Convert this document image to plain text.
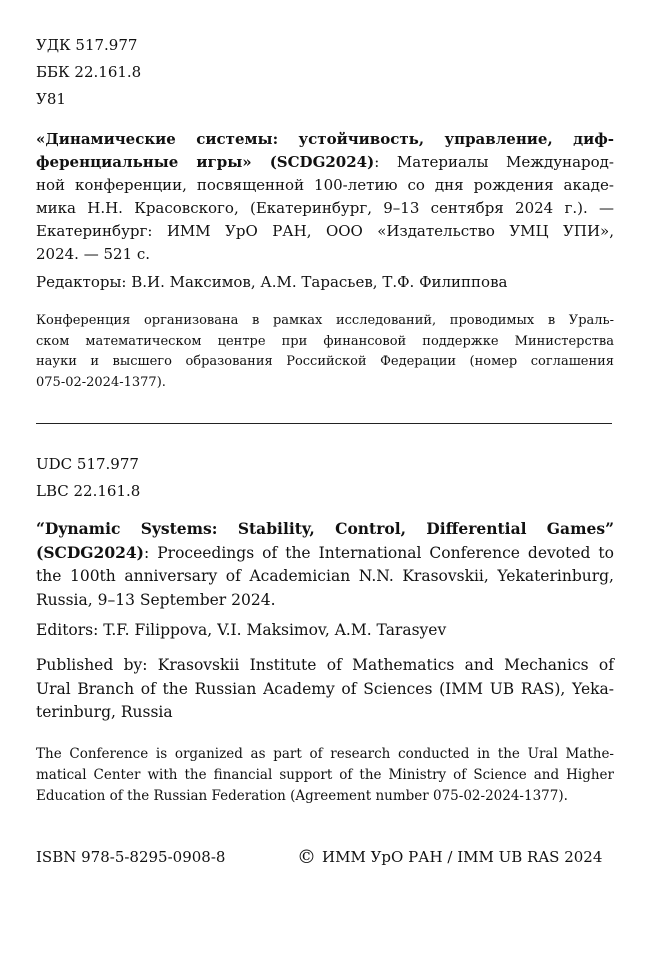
УДК 517.977
ББК 22.161.8
У81
«Динамические системы: устойчивость, управление, диф-
ференциальные игры» (SCDG2024): Материалы Международ-
ной конференции, посвященной 100-летию со дня рождения акаде-
мика Н.Н. Красовского, (Екатеринбург, 9–13 сентября 2024 г.). —
Екатеринбург: ИММ УрО РАН, ООО «Издательство УМЦ УПИ»,
2024. — 521 с.
Редакторы: В.И. Максимов, А.М. Тарасьев, Т.Ф. Филиппова
Конференция организована в рамках исследований, проводимых в Ураль-
ском математическом центре при финансовой поддержке Министерства
науки и высшего образования Российской Федерации (номер соглашения
075-02-2024-1377).
UDC 517.977
LBC 22.161.8
“Dynamic Systems: Stability, Control, Differential Games”
(SCDG2024): Proceedings of the International Conference devoted to
the 100th anniversary of Academician N.N. Krasovskii, Yekaterinburg,
Russia, 9–13 September 2024.
Editors: T.F. Filippova, V.I. Maksimov, A.M. Tarasyev
Published by: Krasovskii Institute of Mathematics and Mechanics of
Ural Branch of the Russian Academy of Sciences (IMM UB RAS), Yeka-
terinburg, Russia
The Conference is organized as part of research conducted in the Ural Mathe-
matical Center with the financial support of the Ministry of Science and Higher
Education of the Russian Federation (Agreement number 075-02-2024-1377).
ISBN 978-5-8295-0908-8	© ИММ УрО РАН / IMM UB RAS 2024
